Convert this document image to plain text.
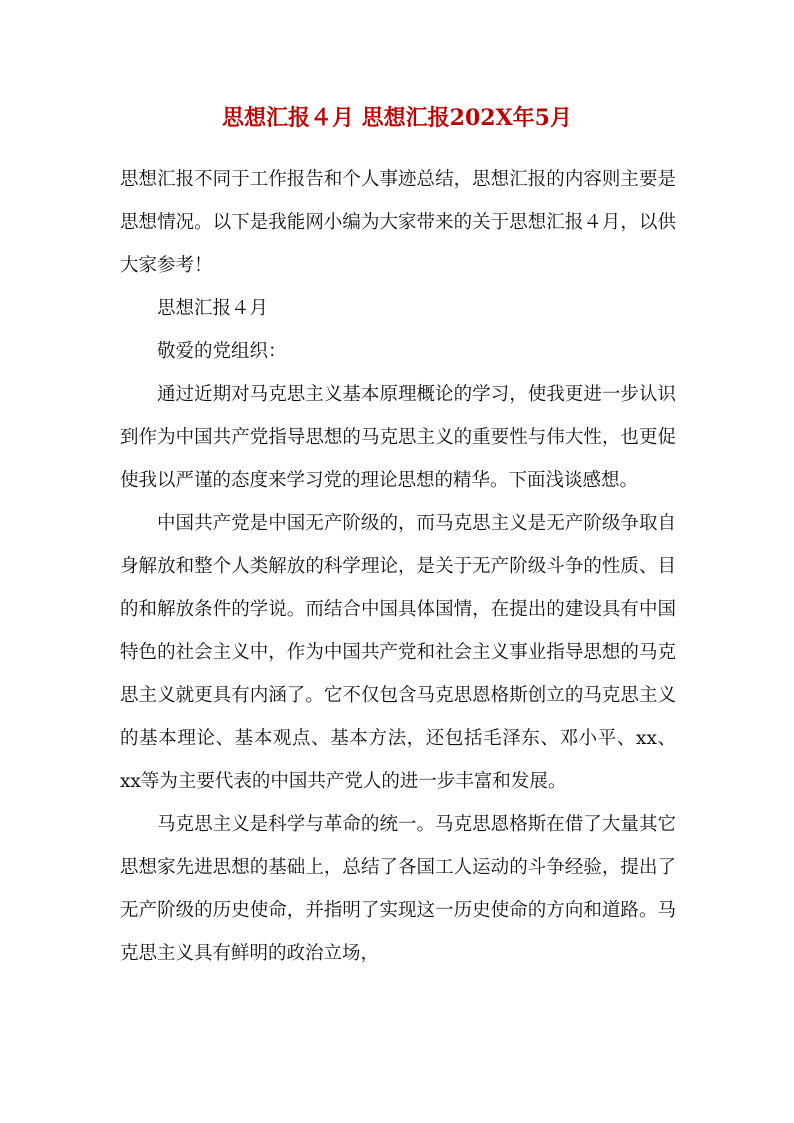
思想汇报４月 思想汇报202X年5月

思想汇报不同于工作报告和个人事迹总结，思想汇报的内容则主要是思想情况。以下是我能网小编为大家带来的关于思想汇报４月，以供大家参考！

思想汇报４月

敬爱的党组织：

通过近期对马克思主义基本原理概论的学习，使我更进一步认识到作为中国共产党指导思想的马克思主义的重要性与伟大性，也更促使我以严谨的态度来学习党的理论思想的精华。下面浅谈感想。

中国共产党是中国无产阶级的，而马克思主义是无产阶级争取自身解放和整个人类解放的科学理论，是关于无产阶级斗争的性质、目的和解放条件的学说。而结合中国具体国情，在提出的建设具有中国特色的社会主义中，作为中国共产党和社会主义事业指导思想的马克思主义就更具有内涵了。它不仅包含马克思恩格斯创立的马克思主义的基本理论、基本观点、基本方法，还包括毛泽东、邓小平、xx、xx等为主要代表的中国共产党人的进一步丰富和发展。

马克思主义是科学与革命的统一。马克思恩格斯在借了大量其它思想家先进思想的基础上，总结了各国工人运动的斗争经验，提出了无产阶级的历史使命，并指明了实现这一历史使命的方向和道路。马克思主义具有鲜明的政治立场，
